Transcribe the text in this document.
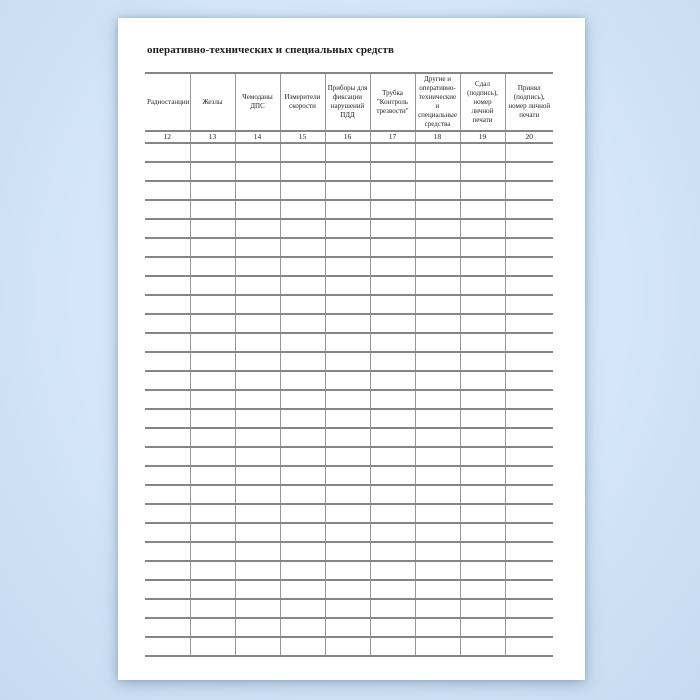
оперативно-технических и специальных средств
Радиостанции	Жезлы	Чемоданы ДПС	Измерители скорости	Приборы для фиксации нарушений ПДД	Трубка "Контроль трезвости"	Другие и оперативно-технические и специальные средства	Сдал (подпись), номер личной печати	Принял (подпись), номер личной печати
12	13	14	15	16	17	18	19	20
